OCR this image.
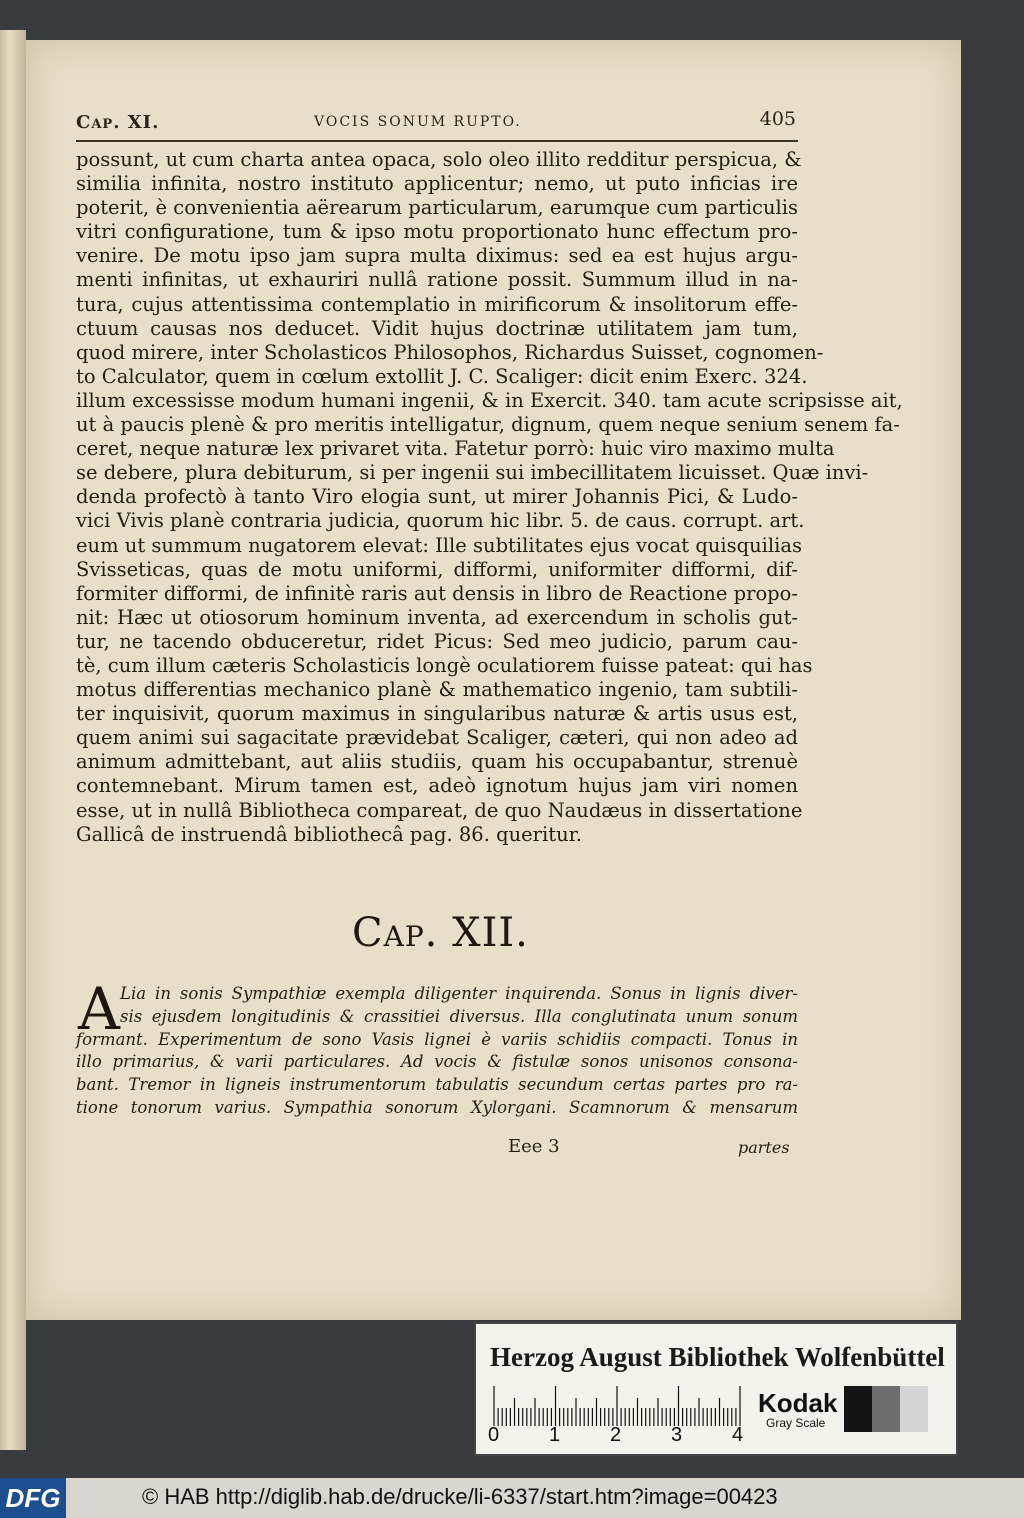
Cap. XI.	VOCIS SONUM RUPTO.	405
possunt, ut cum charta antea opaca, solo oleo illito redditur perspicua, &
similia infinita, nostro instituto applicentur; nemo, ut puto inficias ire
poterit, è convenientia aërearum particularum, earumque cum particulis
vitri configuratione, tum & ipso motu proportionato hunc effectum pro-
venire. De motu ipso jam supra multa diximus: sed ea est hujus argu-
menti infinitas, ut exhauriri nullâ ratione possit. Summum illud in na-
tura, cujus attentissima contemplatio in mirificorum & insolitorum effe-
ctuum causas nos deducet. Vidit hujus doctrinæ utilitatem jam tum,
quod mirere, inter Scholasticos Philosophos, Richardus Suisset, cognomen-
to Calculator, quem in cœlum extollit J. C. Scaliger: dicit enim Exerc. 324.
illum excessisse modum humani ingenii, & in Exercit. 340. tam acute scripsisse ait,
ut à paucis plenè & pro meritis intelligatur, dignum, quem neque senium senem fa-
ceret, neque naturæ lex privaret vita. Fatetur porrò: huic viro maximo multa
se debere, plura debiturum, si per ingenii sui imbecillitatem licuisset. Quæ invi-
denda profectò à tanto Viro elogia sunt, ut mirer Johannis Pici, & Ludo-
vici Vivis planè contraria judicia, quorum hic libr. 5. de caus. corrupt. art.
eum ut summum nugatorem elevat: Ille subtilitates ejus vocat quisquilias
Svisseticas, quas de motu uniformi, difformi, uniformiter difformi, dif-
formiter difformi, de infinitè raris aut densis in libro de Reactione propo-
nit: Hæc ut otiosorum hominum inventa, ad exercendum in scholis gut-
tur, ne tacendo obduceretur, ridet Picus: Sed meo judicio, parum cau-
tè, cum illum cæteris Scholasticis longè oculatiorem fuisse pateat: qui has
motus differentias mechanico planè & mathematico ingenio, tam subtili-
ter inquisivit, quorum maximus in singularibus naturæ & artis usus est,
quem animi sui sagacitate prævidebat Scaliger, cæteri, qui non adeo ad
animum admittebant, aut aliis studiis, quam his occupabantur, strenuè
contemnebant. Mirum tamen est, adeò ignotum hujus jam viri nomen
esse, ut in nullâ Bibliotheca compareat, de quo Naudæus in dissertatione
Gallicâ de instruendâ bibliothecâ pag. 86. queritur.
Cap. XII.
A Lia in sonis Sympathiæ exempla diligenter inquirenda. Sonus in lignis diver-
sis ejusdem longitudinis & crassitiei diversus. Illa conglutinata unum sonum
formant. Experimentum de sono Vasis lignei è variis schidiis compacti. Tonus in
illo primarius, & varii particulares. Ad vocis & fistulæ sonos unisonos consona-
bant. Tremor in ligneis instrumentorum tabulatis secundum certas partes pro ra-
tione tonorum varius. Sympathia sonorum Xylorgani. Scamnorum & mensarum
Eee 3	partes
Herzog August Bibliothek Wolfenbüttel
0 1 2 3 4
Kodak
Gray Scale
DFG	© HAB http://diglib.hab.de/drucke/li-6337/start.htm?image=00423
